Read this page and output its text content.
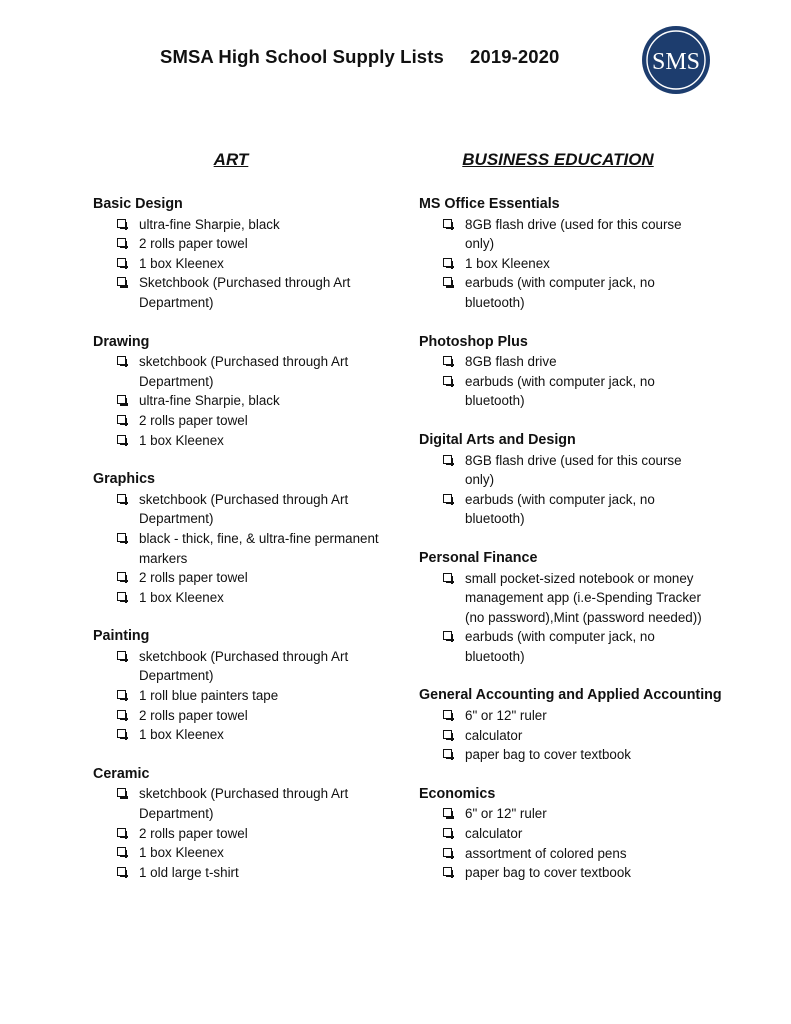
SMSA High School Supply Lists     2019-2020	SMS
ART
Basic Design
ultra-fine Sharpie, black
2 rolls paper towel
1 box Kleenex
Sketchbook (Purchased through Art Department)
Drawing
sketchbook (Purchased through Art Department)
ultra-fine Sharpie, black
2 rolls paper towel
1 box Kleenex
Graphics
sketchbook (Purchased through Art Department)
black - thick, fine, & ultra-fine permanent markers
2 rolls paper towel
1 box Kleenex
Painting
sketchbook (Purchased through Art Department)
1 roll blue painters tape
2 rolls paper towel
1 box Kleenex
Ceramic
sketchbook (Purchased through Art Department)
2 rolls paper towel
1 box Kleenex
1 old large t-shirt
BUSINESS EDUCATION
MS Office Essentials
8GB flash drive (used for this course only)
1 box Kleenex
earbuds (with computer jack, no bluetooth)
Photoshop Plus
8GB flash drive
earbuds (with computer jack, no bluetooth)
Digital Arts and Design
8GB flash drive (used for this course only)
earbuds (with computer jack, no bluetooth)
Personal Finance
small pocket-sized notebook or money management app (i.e-Spending Tracker (no password),Mint (password needed))
earbuds (with computer jack, no bluetooth)
General Accounting and Applied Accounting
6" or 12" ruler
calculator
paper bag to cover textbook
Economics
6" or 12" ruler
calculator
assortment of colored pens
paper bag to cover textbook
